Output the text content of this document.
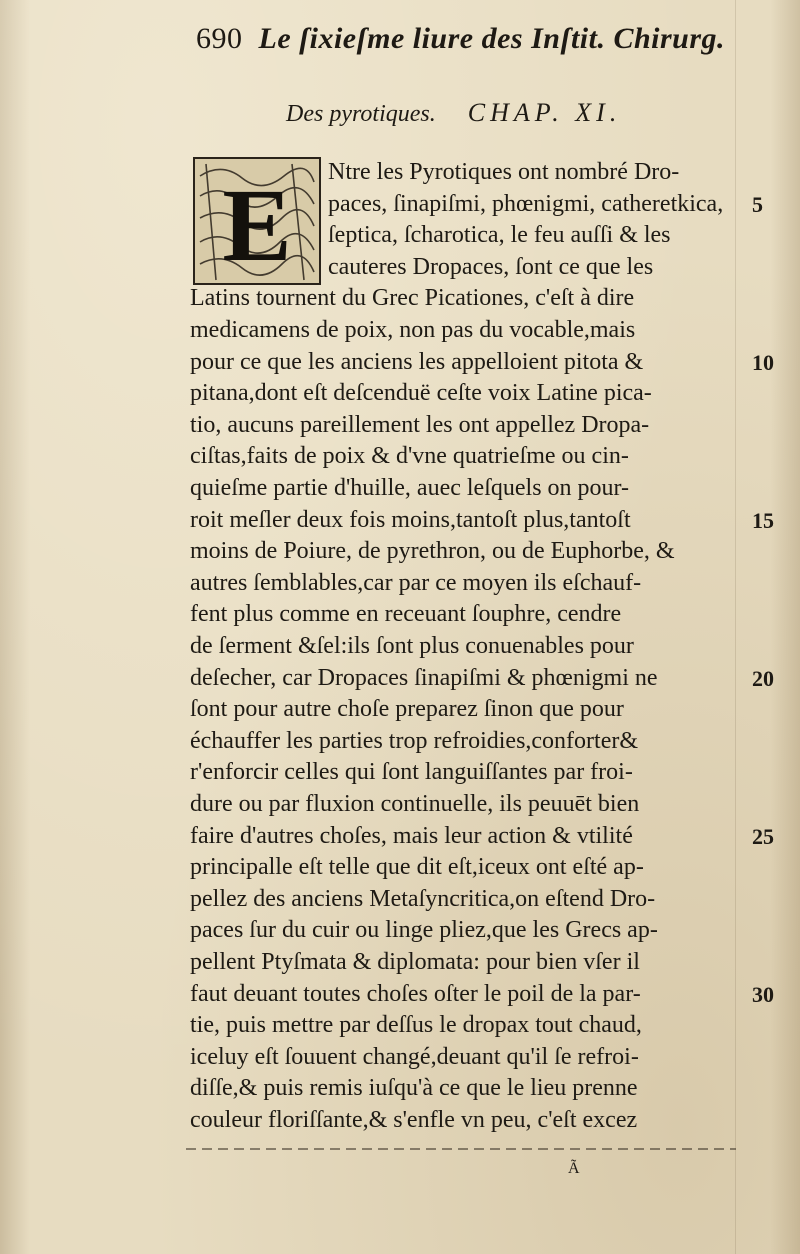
690 Le ſixieſme liure des Inſtit. Chirurg.
Des pyrotiques. CHAP. XI.
E Ntre les Pyrotiques ont nombré Dro-
paces, ſinapiſmi, phœnigmi, catheretkica,
ſeptica, ſcharotica, le feu auſſi & les
cauteres Dropaces, ſont ce que les
Latins tournent du Grec Picationes, c'eſt à dire
medicamens de poix, non pas du vocable,mais
pour ce que les anciens les appelloient pitota &
pitana,dont eſt deſcenduë ceſte voix Latine pica-
tio, aucuns pareillement les ont appellez Dropa-
ciſtas,faits de poix & d'vne quatrieſme ou cin-
quieſme partie d'huille, auec leſquels on pour-
roit meſler deux fois moins,tantoſt plus,tantoſt
moins de Poiure, de pyrethron, ou de Euphorbe, &
autres ſemblables,car par ce moyen ils eſchauf-
fent plus comme en receuant ſouphre, cendre
de ſerment &ſel:ils ſont plus conuenables pour
deſecher, car Dropaces ſinapiſmi & phœnigmi ne
ſont pour autre choſe preparez ſinon que pour
échauffer les parties trop refroidies,conforter&
r'enforcir celles qui ſont languiſſantes par froi-
dure ou par fluxion continuelle, ils peuuēt bien
faire d'autres choſes, mais leur action & vtilité
principalle eſt telle que dit eſt,iceux ont eſté ap-
pellez des anciens Metaſyncritica,on eſtend Dro-
paces ſur du cuir ou linge pliez,que les Grecs ap-
pellent Ptyſmata & diplomata: pour bien vſer il
faut deuant toutes choſes oſter le poil de la par-
tie, puis mettre par deſſus le dropax tout chaud,
iceluy eſt ſouuent changé,deuant qu'il ſe refroi-
diſſe,& puis remis iuſqu'à ce que le lieu prenne
couleur floriſſante,& s'enfle vn peu, c'eſt excez
Ã
5
10
15
20
25
30
